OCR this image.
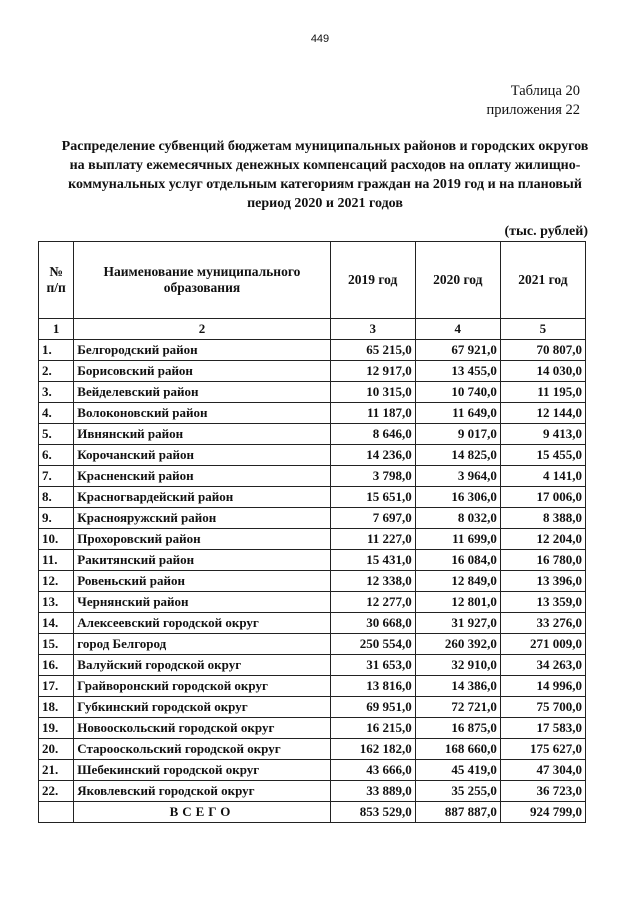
449
Таблица 20
приложения 22
Распределение субвенций бюджетам муниципальных районов и городских округов на выплату ежемесячных денежных компенсаций расходов на оплату жилищно-коммунальных услуг отдельным категориям граждан на 2019 год и на плановый период 2020 и 2021 годов
(тыс. рублей)
№ п/п	Наименование муниципального образования	2019 год	2020 год	2021 год
1	2	3	4	5
1.	Белгородский район	65 215,0	67 921,0	70 807,0
2.	Борисовский район	12 917,0	13 455,0	14 030,0
3.	Вейделевский район	10 315,0	10 740,0	11 195,0
4.	Волоконовский район	11 187,0	11 649,0	12 144,0
5.	Ивнянский район	8 646,0	9 017,0	9 413,0
6.	Корочанский район	14 236,0	14 825,0	15 455,0
7.	Красненский район	3 798,0	3 964,0	4 141,0
8.	Красногвардейский район	15 651,0	16 306,0	17 006,0
9.	Краснояружский район	7 697,0	8 032,0	8 388,0
10.	Прохоровский район	11 227,0	11 699,0	12 204,0
11.	Ракитянский район	15 431,0	16 084,0	16 780,0
12.	Ровеньский район	12 338,0	12 849,0	13 396,0
13.	Чернянский район	12 277,0	12 801,0	13 359,0
14.	Алексеевский городской округ	30 668,0	31 927,0	33 276,0
15.	город Белгород	250 554,0	260 392,0	271 009,0
16.	Валуйский городской округ	31 653,0	32 910,0	34 263,0
17.	Грайворонский городской округ	13 816,0	14 386,0	14 996,0
18.	Губкинский городской округ	69 951,0	72 721,0	75 700,0
19.	Новооскольский городской округ	16 215,0	16 875,0	17 583,0
20.	Старооскольский городской округ	162 182,0	168 660,0	175 627,0
21.	Шебекинский городской округ	43 666,0	45 419,0	47 304,0
22.	Яковлевский городской округ	33 889,0	35 255,0	36 723,0
	ВСЕГО	853 529,0	887 887,0	924 799,0
